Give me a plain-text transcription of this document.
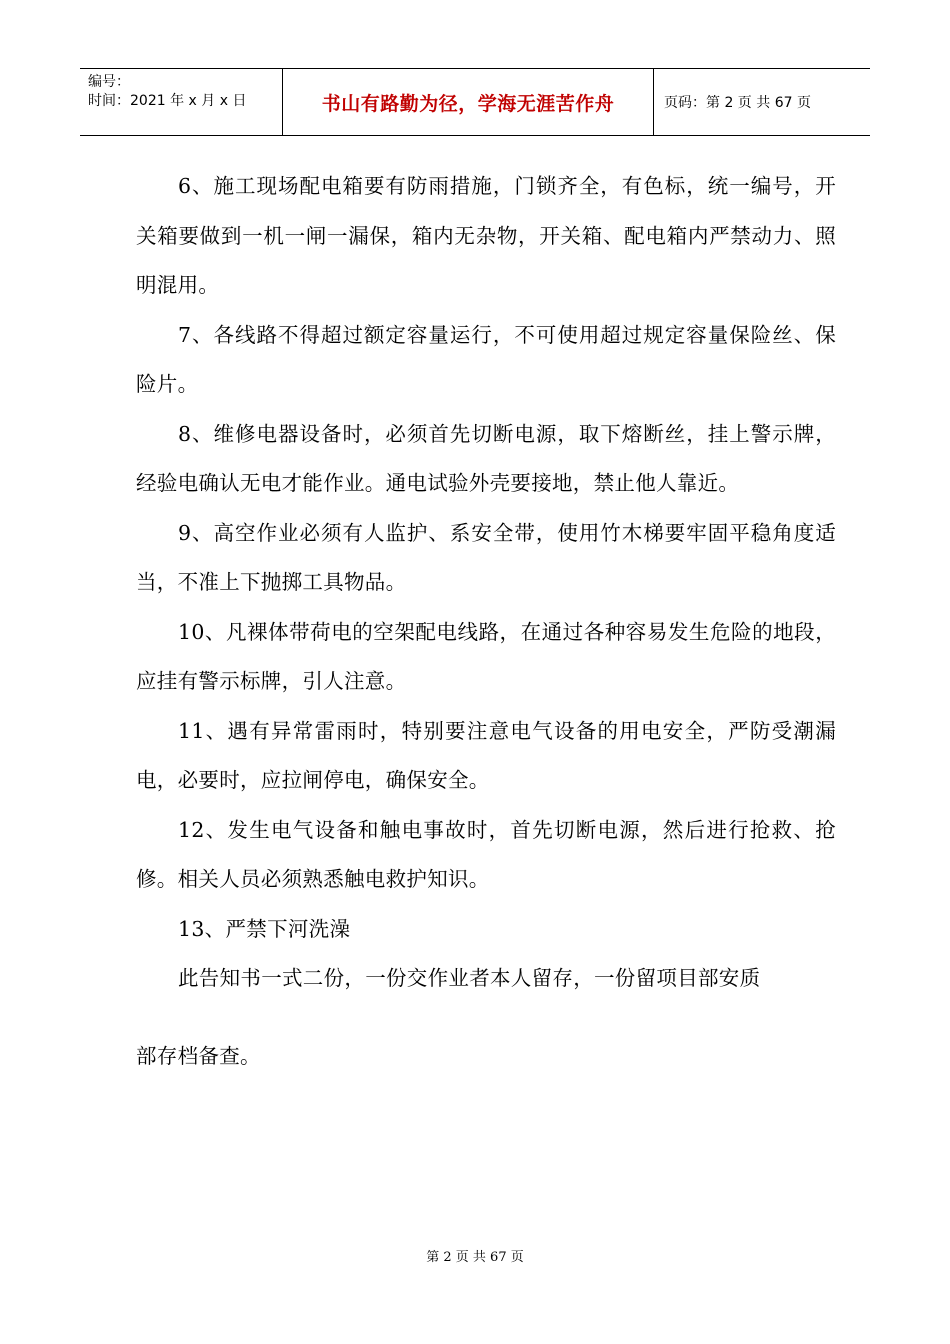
编号：
时间：2021 年 x 月 x 日	书山有路勤为径，学海无涯苦作舟	页码：第 2 页 共 67 页

6、施工现场配电箱要有防雨措施，门锁齐全，有色标，统一编号，开关箱要做到一机一闸一漏保，箱内无杂物，开关箱、配电箱内严禁动力、照明混用。

7、各线路不得超过额定容量运行，不可使用超过规定容量保险丝、保险片。

8、维修电器设备时，必须首先切断电源，取下熔断丝，挂上警示牌，经验电确认无电才能作业。通电试验外壳要接地，禁止他人靠近。

9、高空作业必须有人监护、系安全带，使用竹木梯要牢固平稳角度适当，不准上下抛掷工具物品。

10、凡裸体带荷电的空架配电线路，在通过各种容易发生危险的地段，应挂有警示标牌，引人注意。

11、遇有异常雷雨时，特别要注意电气设备的用电安全，严防受潮漏电，必要时，应拉闸停电，确保安全。

12、发生电气设备和触电事故时，首先切断电源，然后进行抢救、抢修。相关人员必须熟悉触电救护知识。

13、严禁下河洗澡

此告知书一式二份，一份交作业者本人留存，一份留项目部安质

部存档备查。

第 2 页 共 67 页
